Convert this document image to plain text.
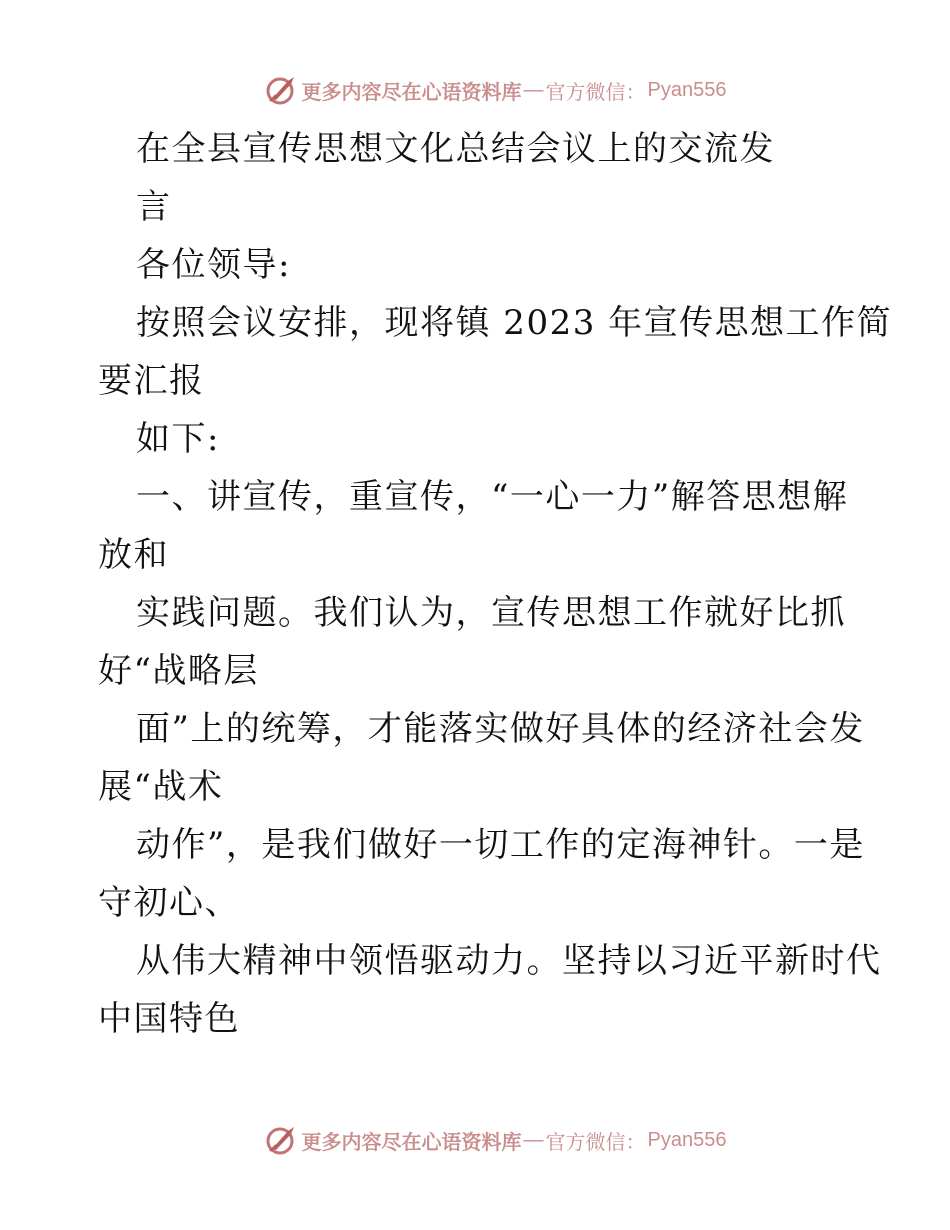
更多内容尽在心语资料库 — 官方微信： Pyan556
在全县宣传思想文化总结会议上的交流发
言
各位领导:
按照会议安排，现将镇 2023 年宣传思想工作简
要汇报
如下:
一、讲宣传，重宣传，“一心一力”解答思想解
放和
实践问题。我们认为，宣传思想工作就好比抓
好“战略层
面”上的统筹，才能落实做好具体的经济社会发
展“战术
动作”，是我们做好一切工作的定海神针。一是
守初心、
从伟大精神中领悟驱动力。坚持以习近平新时代
中国特色
更多内容尽在心语资料库 — 官方微信： Pyan556
